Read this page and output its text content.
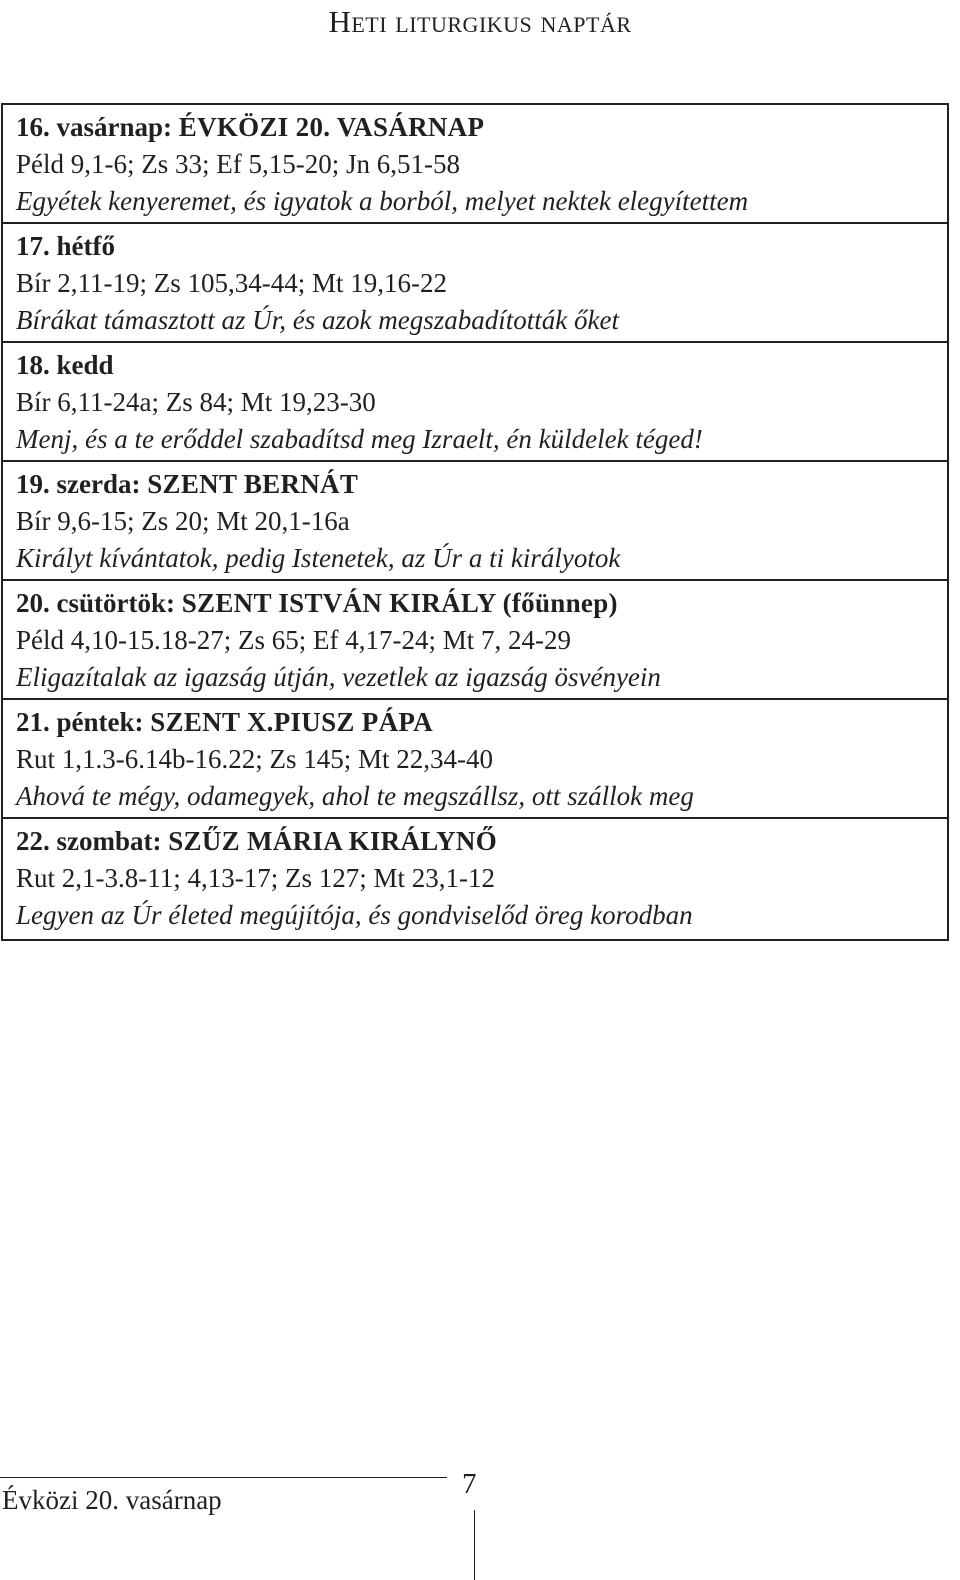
Heti liturgikus naptár
16. vasárnap: ÉVKÖZI 20. VASÁRNAP
Péld 9,1-6; Zs 33; Ef 5,15-20; Jn 6,51-58
Egyétek kenyeremet, és igyatok a borból, melyet nektek elegyítettem
17. hétfő
Bír 2,11-19; Zs 105,34-44; Mt 19,16-22
Bírákat támasztott az Úr, és azok megszabadították őket
18. kedd
Bír 6,11-24a; Zs 84; Mt 19,23-30
Menj, és a te erőddel szabadítsd meg Izraelt, én küldelek téged!
19. szerda: SZENT BERNÁT
Bír 9,6-15; Zs 20; Mt 20,1-16a
Királyt kívántatok, pedig Istenetek, az Úr a ti királyotok
20. csütörtök: SZENT ISTVÁN KIRÁLY (főünnep)
Péld 4,10-15.18-27; Zs 65; Ef 4,17-24; Mt 7, 24-29
Eligazítalak az igazság útján, vezetlek az igazság ösvényein
21. péntek: SZENT X.PIUSZ PÁPA
Rut 1,1.3-6.14b-16.22; Zs 145; Mt 22,34-40
Ahová te mégy, odamegyek, ahol te megszállsz, ott szállok meg
22. szombat: SZŰZ MÁRIA KIRÁLYNŐ
Rut 2,1-3.8-11; 4,13-17; Zs 127; Mt 23,1-12
Legyen az Úr életed megújítója, és gondviselőd öreg korodban
Évközi 20. vasárnap	7
